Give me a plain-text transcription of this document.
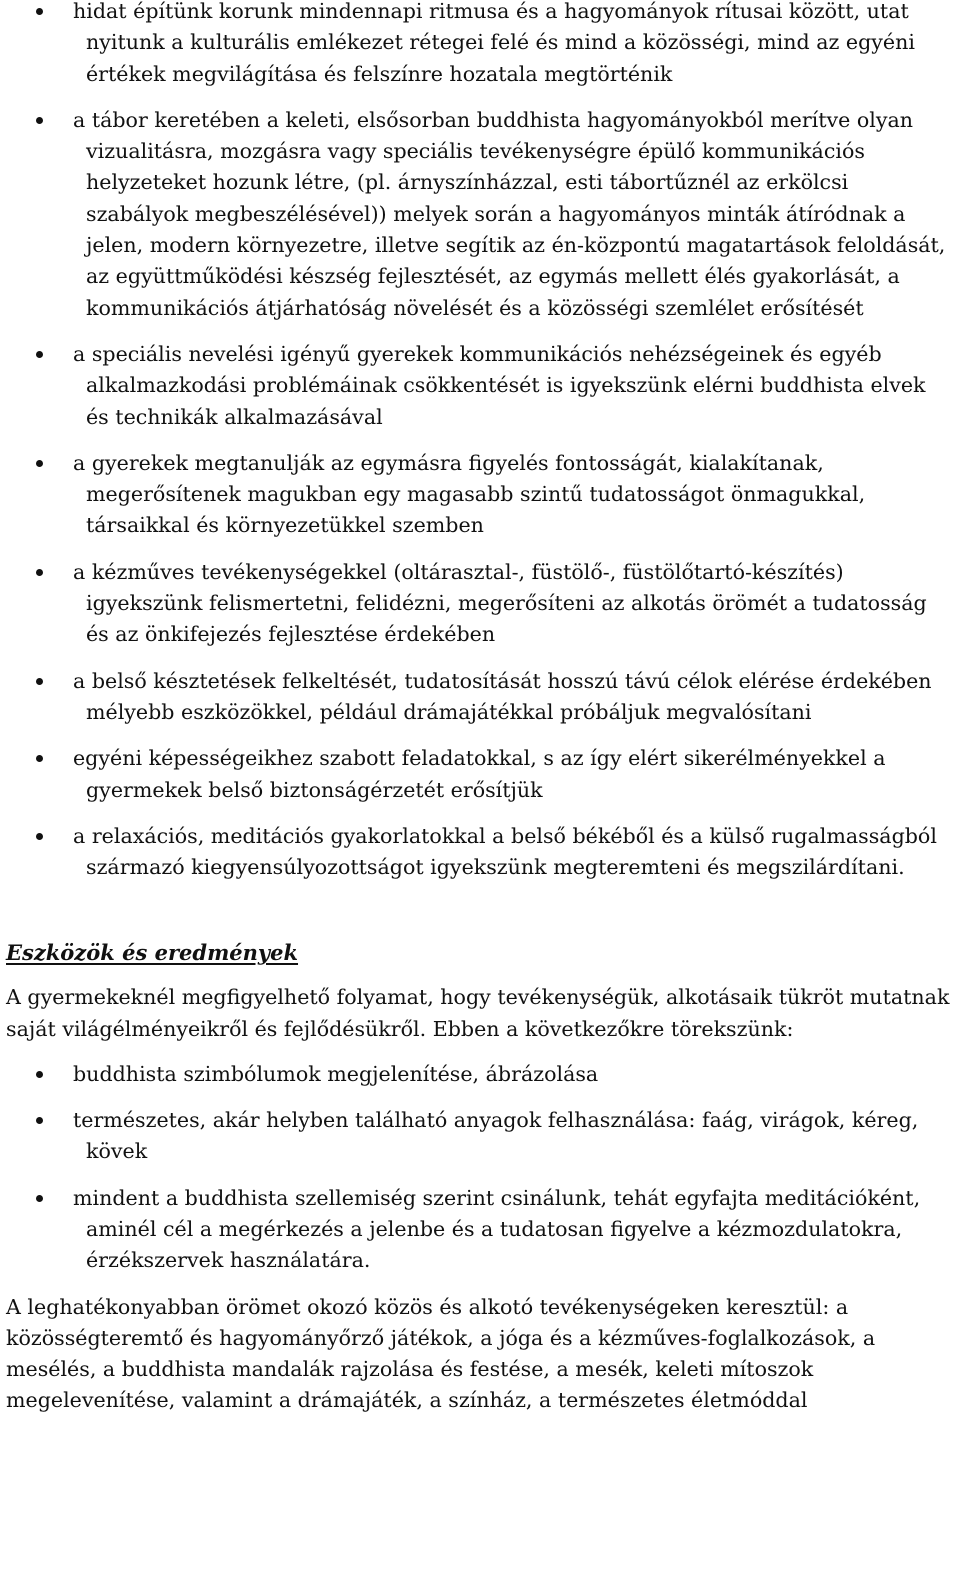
hidat építünk korunk mindennapi ritmusa és a hagyományok rítusai között, utat nyitunk a kulturális emlékezet rétegei felé és mind a közösségi, mind az egyéni értékek megvilágítása és felszínre hozatala megtörténik
a tábor keretében a keleti, elsősorban buddhista hagyományokból merítve olyan vizualitásra, mozgásra vagy speciális tevékenységre épülő kommunikációs helyzeteket hozunk létre, (pl. árnyszínházzal, esti tábortűznél az erkölcsi szabályok megbeszélésével)) melyek során a hagyományos minták átíródnak a jelen, modern környezetre, illetve segítik az én-központú magatartások feloldását, az együttműködési készség fejlesztését, az egymás mellett élés gyakorlását, a kommunikációs átjárhatóság növelését és a közösségi szemlélet erősítését
a speciális nevelési igényű gyerekek kommunikációs nehézségeinek és egyéb alkalmazkodási problémáinak csökkentését is igyekszünk elérni buddhista elvek és technikák alkalmazásával
a gyerekek megtanulják az egymásra figyelés fontosságát, kialakítanak, megerősítenek magukban egy magasabb szintű tudatosságot önmagukkal, társaikkal és környezetükkel szemben
a kézműves tevékenységekkel (oltárasztal-, füstölő-, füstölőtartó-készítés) igyekszünk felismertetni, felidézni, megerősíteni az alkotás örömét a tudatosság és az önkifejezés fejlesztése érdekében
a belső késztetések felkeltését, tudatosítását hosszú távú célok elérése érdekében mélyebb eszközökkel, például drámajátékkal próbáljuk megvalósítani
egyéni képességeikhez szabott feladatokkal, s az így elért sikerélményekkel a gyermekek belső biztonságérzetét erősítjük
a relaxációs, meditációs gyakorlatokkal a belső békéből és a külső rugalmasságból származó kiegyensúlyozottságot igyekszünk megteremteni és megszilárdítani.
Eszközök és eredmények

A gyermekeknél megfigyelhető folyamat, hogy tevékenységük, alkotásaik tükröt mutatnak saját világélményeikről és fejlődésükről. Ebben a következőkre törekszünk:

buddhista szimbólumok megjelenítése, ábrázolása
természetes, akár helyben található anyagok felhasználása: faág, virágok, kéreg, kövek
mindent a buddhista szellemiség szerint csinálunk, tehát egyfajta meditációként, aminél cél a megérkezés a jelenbe és a tudatosan figyelve a kézmozdulatokra, érzékszervek használatára.

A leghatékonyabban örömet okozó közös és alkotó tevékenységeken keresztül: a közösségteremtő és hagyományőrző játékok, a jóga és a kézműves-foglalkozások, a mesélés, a buddhista mandalák rajzolása és festése, a mesék, keleti mítoszok megelevenítése, valamint a drámajáték, a színház, a természetes életmóddal
